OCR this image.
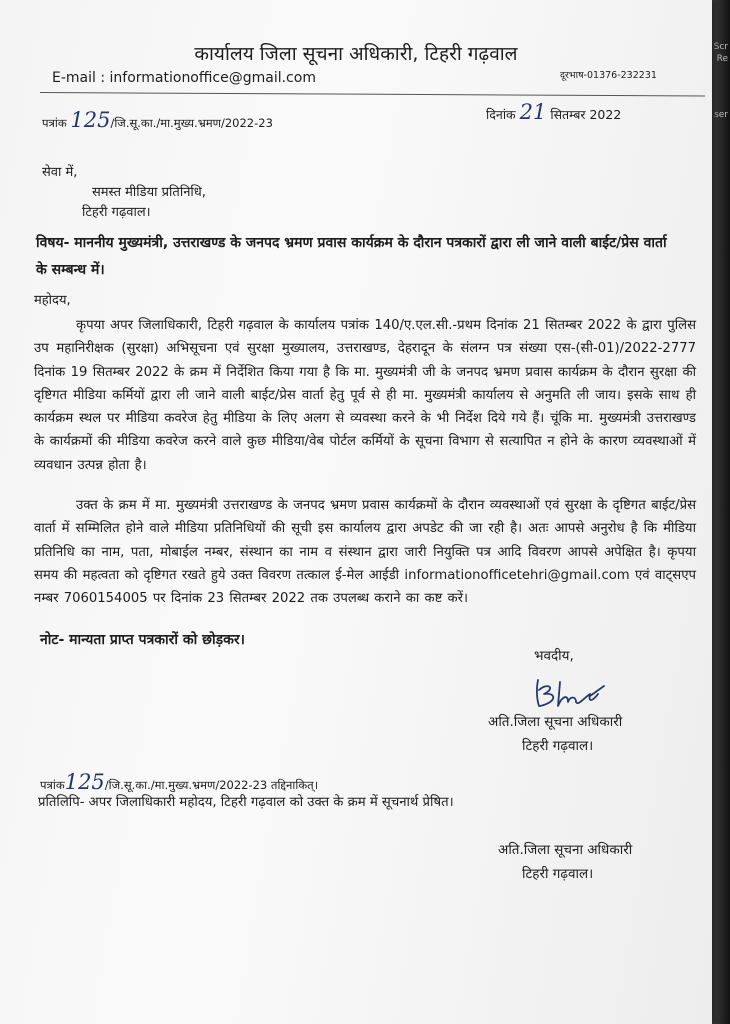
Scr
Re
ser
कार्यालय जिला सूचना अधिकारी, टिहरी गढ़वाल
E-mail : informationoffice@gmail.com	दूरभाष-01376-232231
पत्रांक 125/जि.सू.का./मा.मुख्य.भ्रमण/2022-23
दिनांक 21 सितम्बर 2022
सेवा में,
समस्त मीडिया प्रतिनिधि,
टिहरी गढ़वाल।
विषय- माननीय मुख्यमंत्री, उत्तराखण्ड के जनपद भ्रमण प्रवास कार्यक्रम के दौरान पत्रकारों द्वारा ली जाने वाली बाईट/प्रेस वार्ता के सम्बन्ध में।
महोदय,
कृपया अपर जिलाधिकारी, टिहरी गढ़वाल के कार्यालय पत्रांक 140/ए.एल.सी.-प्रथम दिनांक 21 सितम्बर 2022 के द्वारा पुलिस उप महानिरीक्षक (सुरक्षा) अभिसूचना एवं सुरक्षा मुख्यालय, उत्तराखण्ड, देहरादून के संलग्न पत्र संख्या एस-(सी-01)/2022-2777 दिनांक 19 सितम्बर 2022 के क्रम में निर्देशित किया गया है कि मा. मुख्यमंत्री जी के जनपद भ्रमण प्रवास कार्यक्रम के दौरान सुरक्षा की दृष्टिगत मीडिया कर्मियों द्वारा ली जाने वाली बाईट/प्रेस वार्ता हेतु पूर्व से ही मा. मुख्यमंत्री कार्यालय से अनुमति ली जाय। इसके साथ ही कार्यक्रम स्थल पर मीडिया कवरेज हेतु मीडिया के लिए अलग से व्यवस्था करने के भी निर्देश दिये गये हैं। चूंकि मा. मुख्यमंत्री उत्तराखण्ड के कार्यक्रमों की मीडिया कवरेज करने वाले कुछ मीडिया/वेब पोर्टल कर्मियों के सूचना विभाग से सत्यापित न होने के कारण व्यवस्थाओं में व्यवधान उत्पन्न होता है।
उक्त के क्रम में मा. मुख्यमंत्री उत्तराखण्ड के जनपद भ्रमण प्रवास कार्यक्रमों के दौरान व्यवस्थाओं एवं सुरक्षा के दृष्टिगत बाईट/प्रेस वार्ता में सम्मिलित होने वाले मीडिया प्रतिनिधियों की सूची इस कार्यालय द्वारा अपडेट की जा रही है। अतः आपसे अनुरोध है कि मीडिया प्रतिनिधि का नाम, पता, मोबाईल नम्बर, संस्थान का नाम व संस्थान द्वारा जारी नियुक्ति पत्र आदि विवरण आपसे अपेक्षित है। कृपया समय की महत्वता को दृष्टिगत रखते हुये उक्त विवरण तत्काल ई-मेल आईडी informationofficetehri@gmail.com एवं वाट्सएप नम्बर 7060154005 पर दिनांक 23 सितम्बर 2022 तक उपलब्ध कराने का कष्ट करें।
नोट- मान्यता प्राप्त पत्रकारों को छोड़कर।
भवदीय,
अति.जिला सूचना अधिकारी
टिहरी गढ़वाल।
पत्रांक125/जि.सू.का./मा.मुख्य.भ्रमण/2022-23 तद्दिनाकित्।
प्रतिलिपि- अपर जिलाधिकारी महोदय, टिहरी गढ़वाल को उक्त के क्रम में सूचनार्थ प्रेषित।
अति.जिला सूचना अधिकारी
टिहरी गढ़वाल।
